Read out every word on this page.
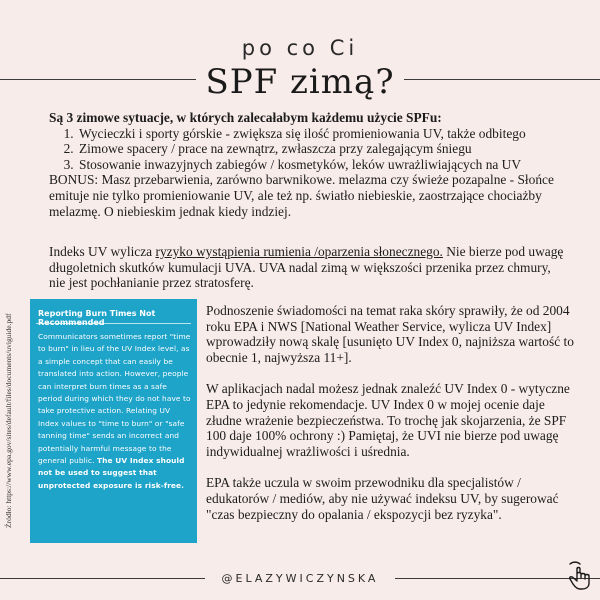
po co Ci
SPF zimą?
Są 3 zimowe sytuacje, w których zalecałabym każdemu użycie SPFu:
1. Wycieczki i sporty górskie - zwiększa się ilość promieniowania UV, także odbitego
2. Zimowe spacery / prace na zewnątrz, zwłaszcza przy zalegającym śniegu
3. Stosowanie inwazyjnych zabiegów / kosmetyków, leków uwrażliwiających na UV
BONUS: Masz przebarwienia, zarówno barwnikowe. melazma czy świeże pozapalne - Słońce emituje nie tylko promieniowanie UV, ale też np. światło niebieskie, zaostrzające chociażby melazmę. O niebieskim jednak kiedy indziej.
Indeks UV wylicza ryzyko wystąpienia rumienia /oparzenia słonecznego. Nie bierze pod uwagę długoletnich skutków kumulacji UVA. UVA nadal zimą w większości przenika przez chmury, nie jest pochłanianie przez stratosferę.
Źródło: https://www.epa.gov/sites/default/files/documents/uviguide.pdf
Reporting Burn Times Not
Communicators sometimes report "time to burn" in lieu of the UV Index level, as a simple concept that can easily be translated into action. However, people can interpret burn times as a safe period during which they do not have to take protective action. Relating UV Index values to "time to burn" or "safe tanning time" sends an incorrect and potentially harmful message to the general public. The UV Index should not be used to suggest that unprotected exposure is risk-free.

Podnoszenie świadomości na temat raka skóry sprawiły, że od 2004 roku EPA i NWS [National Weather Service, wylicza UV Index] wprowadziły nową skalę [usunięto UV Index 0, najniższa wartość to obecnie 1, najwyższa 11+].

W aplikacjach nadal możesz jednak znaleźć UV Index 0 - wytyczne EPA to jedynie rekomendacje. UV Index 0 w mojej ocenie daje złudne wrażenie bezpieczeństwa. To trochę jak skojarzenia, że SPF 100 daje 100% ochrony :) Pamiętaj, że UVI nie bierze pod uwagę indywidualnej wrażliwości i uśrednia.

EPA także uczula w swoim przewodniku dla specjalistów / edukatorów / mediów, aby nie używać indeksu UV, by sugerować "czas bezpieczny do opalania / ekspozycji bez ryzyka".

@ELAZYWICZYNSKA
